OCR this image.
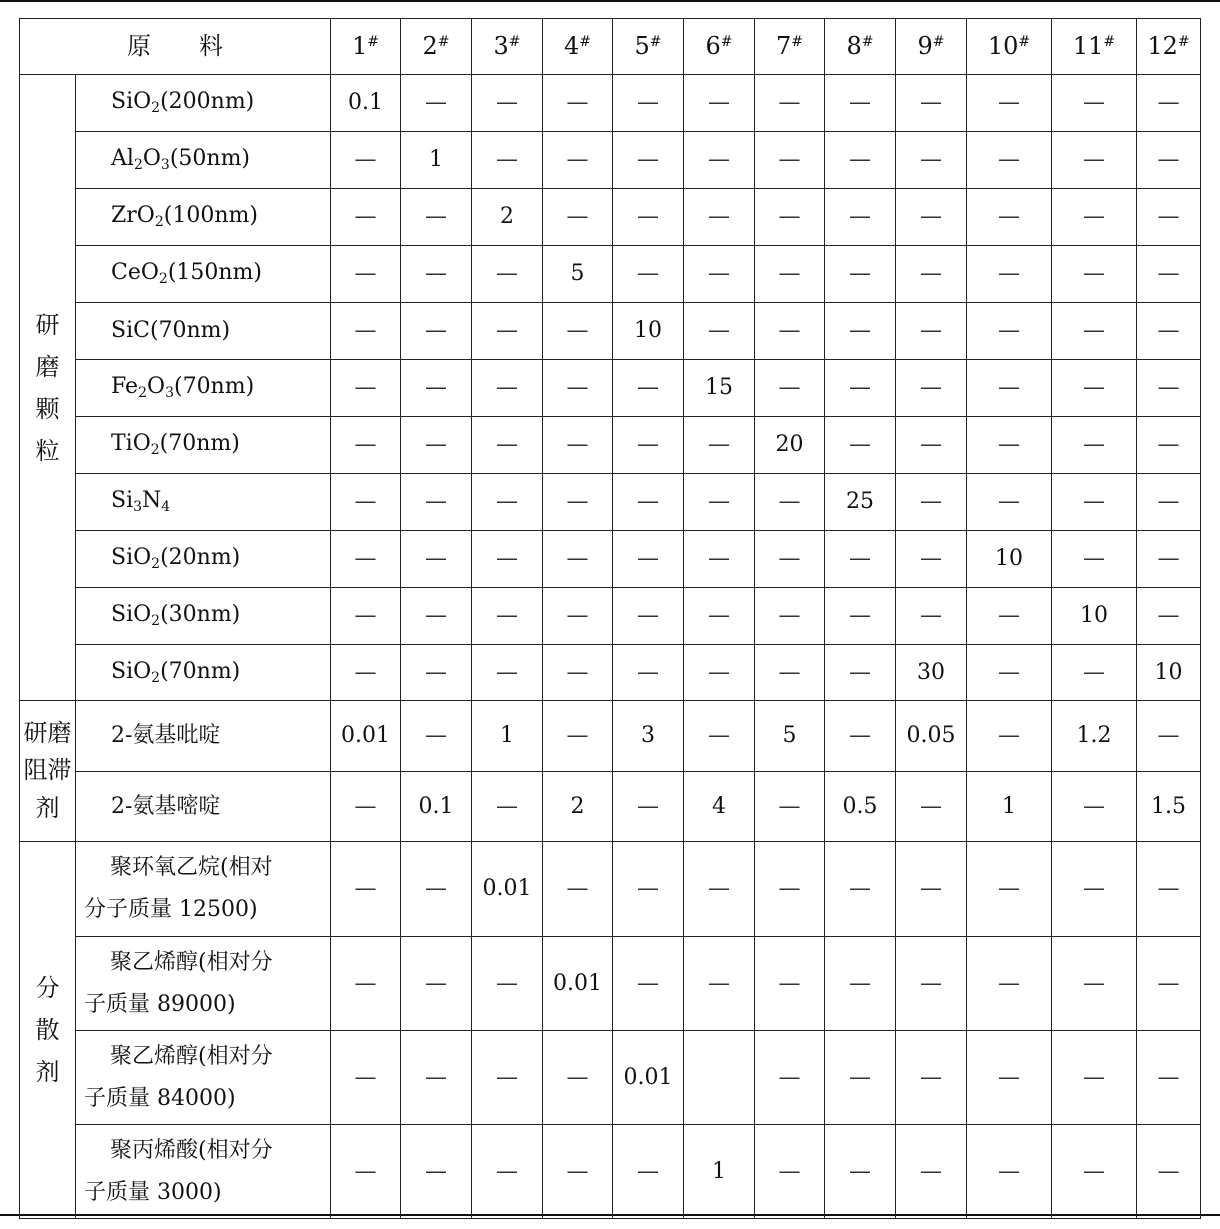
原　　料		1#	2#	3#	4#	5#	6#	7#	8#	9#	10#	11#	12#
研磨颗粒	SiO$_2$(200nm)	0.1	—	—	—	—	—	—	—	—	—	—	—
	$Al_2O_3(50nm)$	—	1	—	—	—	—	—	—	—	—	—	—
	ZrO$_2$(100nm)	—	—	2	—	—	—	—	—	—	—	—	—
	CeO$_2$(150nm)	—	—	—	5	—	—	—	—	—	—	—	—
	SiC(70nm)	—	—	—	—	10	—	—	—	—	—	—	—
	$Fe_2O_3(70nm)$	—	—	—	—	—	15	—	—	—	—	—	—
	TiO$_2$(70nm)	—	—	—	—	—	—	20	—	—	—	—	—
	$Si_3N_4$	—	—	—	—	—	—	—	25	—	—	—	—
	SiO$_2$(20nm)	—	—	—	—	—	—	—	—	—	10	—	—
	SiO$_2$(30nm)	—	—	—	—	—	—	—	—	—	—	10	—
	SiO$_2$(70nm)	—	—	—	—	—	—	—	—	30	—	—	10
研磨阻滞剂	2-氨基吡啶	0.01	—	1	—	3	—	5	—	0.05	—	1.2	—
	2-氨基嘧啶	—	0.1	—	2	—	4	—	0.5	—	1	—	1.5
分散剂	聚环氧乙烷(相对
分子质量 12500)	—	—	0.01	—	—	—	—	—	—	—	—	—

	聚乙烯醇(相对分
子质量 89000)	—	—	—	0.01	—	—	—	—	—	—	—	—

	聚乙烯醇(相对分
子质量 84000)	—	—	—	—	0.01		—	—	—	—	—	—

	聚丙烯酸(相对分
子质量 3000)	—	—	—	—	—	1	—	—	—	—	—	—
